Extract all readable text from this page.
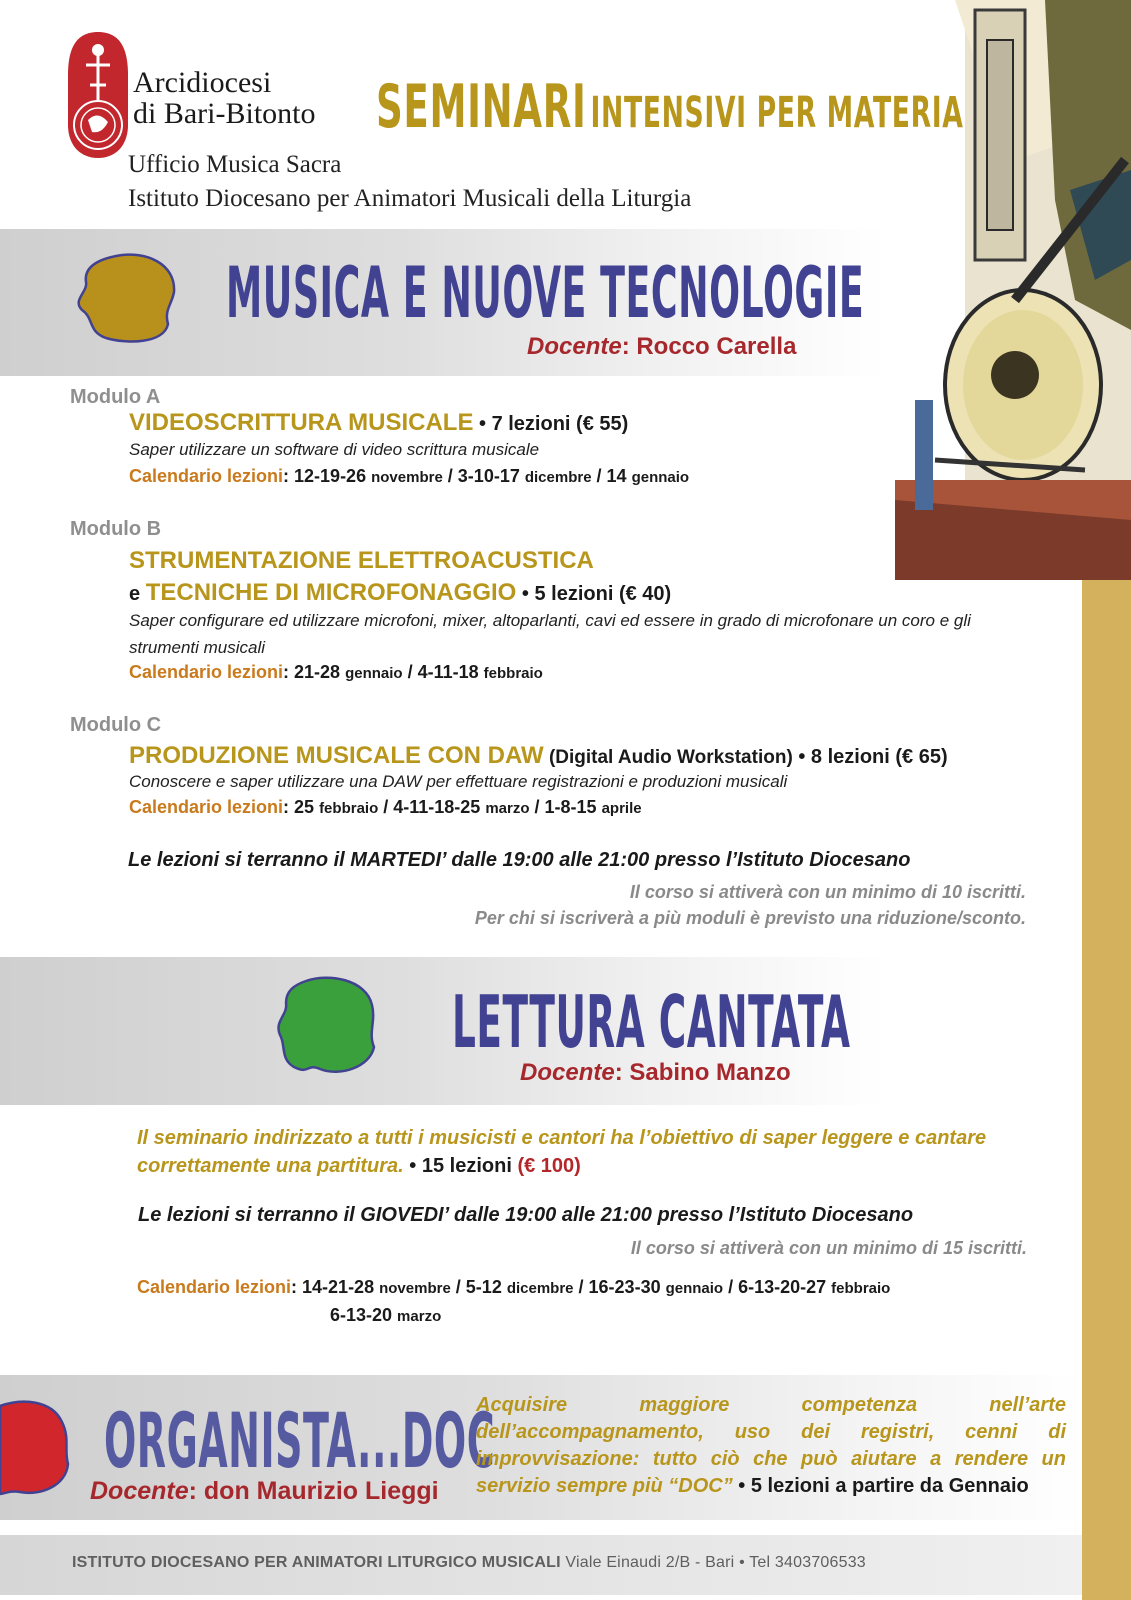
Arcidiocesi
di Bari-Bitonto
Ufficio Musica Sacra
Istituto Diocesano per Animatori Musicali della Liturgia
SEMINARI INTENSIVI PER MATERIA
MUSICA E NUOVE TECNOLOGIE
Docente: Rocco Carella
Modulo A
VIDEOSCRITTURA MUSICALE • 7 lezioni (€ 55)
Saper utilizzare un software di video scrittura musicale
Calendario lezioni: 12-19-26 novembre / 3-10-17 dicembre / 14 gennaio
Modulo B
STRUMENTAZIONE ELETTROACUSTICA
e TECNICHE DI MICROFONAGGIO • 5 lezioni (€ 40)
Saper configurare ed utilizzare microfoni, mixer, altoparlanti, cavi ed essere in grado di microfonare un coro e gli strumenti musicali
Calendario lezioni: 21-28 gennaio / 4-11-18 febbraio
Modulo C
PRODUZIONE MUSICALE CON DAW (Digital Audio Workstation) • 8 lezioni (€ 65)
Conoscere e saper utilizzare una DAW per effettuare registrazioni e produzioni musicali
Calendario lezioni: 25 febbraio / 4-11-18-25 marzo / 1-8-15 aprile
Le lezioni si terranno il MARTEDI’ dalle 19:00 alle 21:00 presso l’Istituto Diocesano
Il corso si attiverà con un minimo di 10 iscritti.
Per chi si iscriverà a più moduli è previsto una riduzione/sconto.
LETTURA CANTATA
Docente: Sabino Manzo
Il seminario indirizzato a tutti i musicisti e cantori ha l’obiettivo di saper leggere e cantare correttamente una partitura. • 15 lezioni (€ 100)
Le lezioni si terranno il GIOVEDI’ dalle 19:00 alle 21:00 presso l’Istituto Diocesano
Il corso si attiverà con un minimo di 15 iscritti.
Calendario lezioni: 14-21-28 novembre / 5-12 dicembre / 16-23-30 gennaio / 6-13-20-27 febbraio
6-13-20 marzo
ORGANISTA...DOC
Docente: don Maurizio Lieggi
Acquisire maggiore competenza nell’arte dell’accompagnamento, uso dei registri, cenni di improvvisazione: tutto ciò che può aiutare a rendere un servizio sempre più “DOC” • 5 lezioni a partire da Gennaio
ISTITUTO DIOCESANO PER ANIMATORI LITURGICO MUSICALI Viale Einaudi 2/B - Bari • Tel 3403706533
